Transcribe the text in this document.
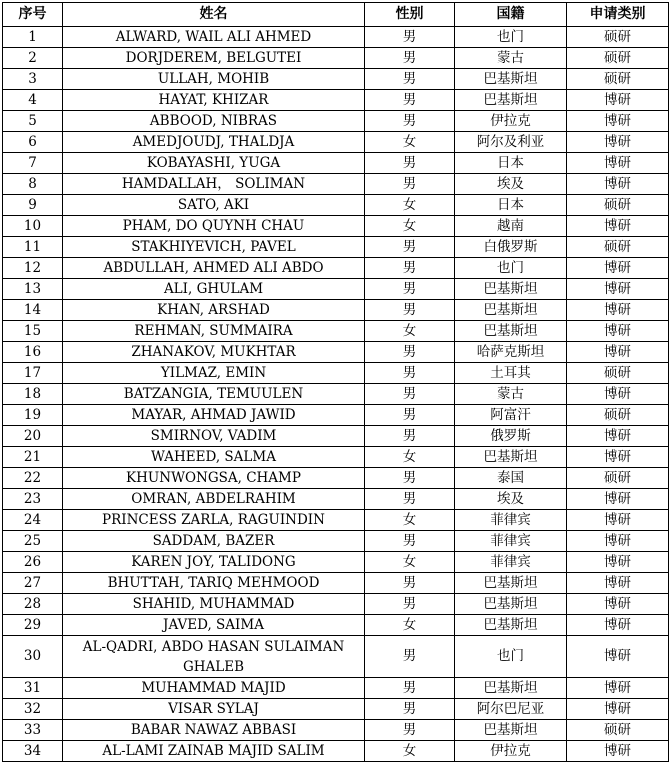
序号	姓名	性别	国籍	申请类别
1	ALWARD, WAIL ALI AHMED	男	也门	硕研
2	DORJDEREM, BELGUTEI	男	蒙古	硕研
3	ULLAH, MOHIB	男	巴基斯坦	硕研
4	HAYAT, KHIZAR	男	巴基斯坦	博研
5	ABBOOD, NIBRAS	男	伊拉克	博研
6	AMEDJOUDJ, THALDJA	女	阿尔及利亚	博研
7	KOBAYASHI, YUGA	男	日本	博研
8	HAMDALLAH， SOLIMAN	男	埃及	博研
9	SATO, AKI	女	日本	硕研
10	PHAM, DO QUYNH CHAU	女	越南	博研
11	STAKHIYEVICH, PAVEL	男	白俄罗斯	硕研
12	ABDULLAH, AHMED ALI ABDO	男	也门	博研
13	ALI, GHULAM	男	巴基斯坦	博研
14	KHAN, ARSHAD	男	巴基斯坦	博研
15	REHMAN, SUMMAIRA	女	巴基斯坦	博研
16	ZHANAKOV, MUKHTAR	男	哈萨克斯坦	博研
17	YILMAZ, EMIN	男	土耳其	硕研
18	BATZANGIA, TEMUULEN	男	蒙古	博研
19	MAYAR, AHMAD JAWID	男	阿富汗	硕研
20	SMIRNOV, VADIM	男	俄罗斯	博研
21	WAHEED, SALMA	女	巴基斯坦	博研
22	KHUNWONGSA, CHAMP	男	泰国	硕研
23	OMRAN, ABDELRAHIM	男	埃及	博研
24	PRINCESS ZARLA, RAGUINDIN	女	菲律宾	博研
25	SADDAM, BAZER	男	菲律宾	博研
26	KAREN JOY, TALIDONG	女	菲律宾	博研
27	BHUTTAH, TARIQ MEHMOOD	男	巴基斯坦	博研
28	SHAHID, MUHAMMAD	男	巴基斯坦	博研
29	JAVED, SAIMA	女	巴基斯坦	博研
30	AL-QADRI, ABDO HASAN SULAIMAN GHALEB	男	也门	博研
31	MUHAMMAD MAJID	男	巴基斯坦	博研
32	VISAR SYLAJ	男	阿尔巴尼亚	博研
33	BABAR NAWAZ ABBASI	男	巴基斯坦	硕研
34	AL-LAMI ZAINAB MAJID SALIM	女	伊拉克	博研
